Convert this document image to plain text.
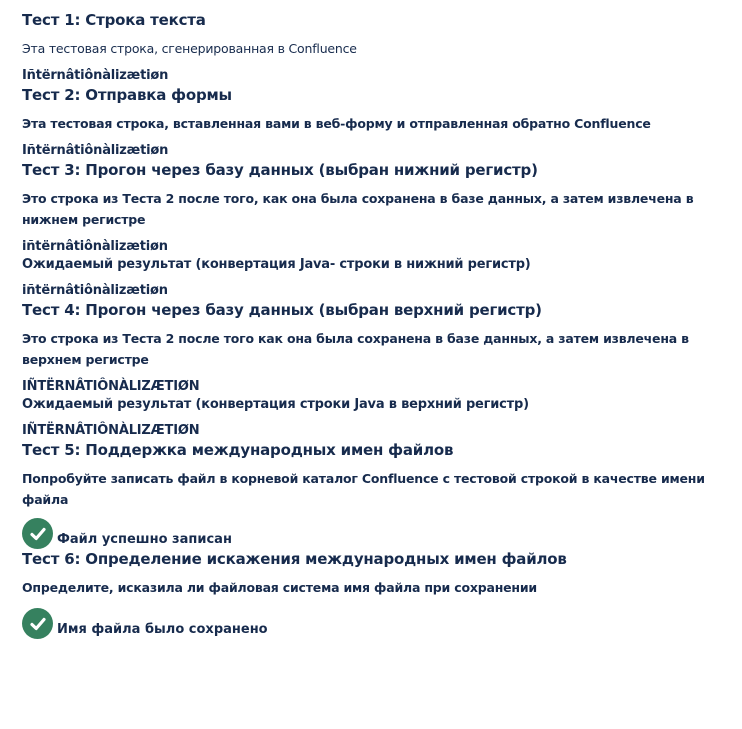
Тест 1: Строка текста

Эта тестовая строка, сгенерированная в Confluence

Iñtërnâtiônàlizætiøn

Тест 2: Отправка формы

Эта тестовая строка, вставленная вами в веб-форму и отправленная обратно Confluence

Iñtërnâtiônàlizætiøn

Тест 3: Прогон через базу данных (выбран нижний регистр)

Это строка из Теста 2 после того, как она была сохранена в базе данных, а затем извлечена в нижнем регистре

iñtërnâtiônàlizætiøn

Ожидаемый результат (конвертация Java- строки в нижний регистр)

iñtërnâtiônàlizætiøn

Тест 4: Прогон через базу данных (выбран верхний регистр)

Это строка из Теста 2 после того как она была сохранена в базе данных, а затем извлечена в верхнем регистре

IÑTËRNÂTIÔNÀLIZÆTIØN

Ожидаемый результат (конвертация строки Java в верхний регистр)

IÑTËRNÂTIÔNÀLIZÆTIØN

Тест 5: Поддержка международных имен файлов

Попробуйте записать файл в корневой каталог Confluence с тестовой строкой в качестве имени файла

Файл успешно записан
Тест 6: Определение искажения международных имен файлов

Определите, исказила ли файловая система имя файла при сохранении

Имя файла было сохранено
